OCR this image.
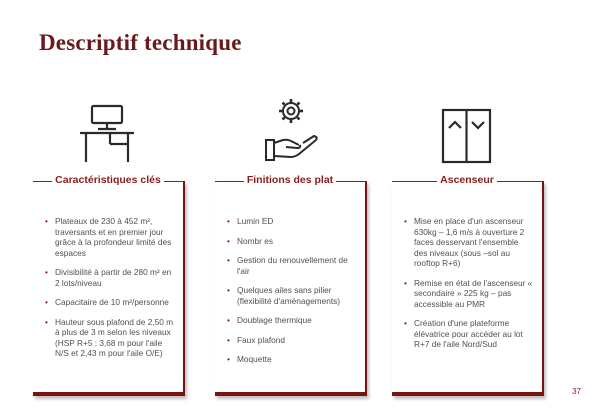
Descriptif technique
Caractéristiques clés
• Plateaux de 230 à 452 m², traversants et en premier jour grâce à la profondeur limité des espaces
• Divisibilité à partir de 280 m² en 2 lots/niveau
• Capacitaire de 10 m²/personne
• Hauteur sous plafond de 2,50 m à plus de 3 m selon les niveaux (HSP R+5 : 3,68 m pour l'aile N/S et 2,43 m pour l'aile O/E)
Finitions des plat
• Lumin ED
• Nombr es
• Gestion du renouvellement de l'air
• Quelques ailes sans pilier (flexibilité d'aménagements)
• Doublage thermique
• Faux plafond
• Moquette
Ascenseur
• Mise en place d'un ascenseur 630kg – 1,6 m/s à ouverture 2 faces desservant l'ensemble des niveaux (sous –sol au rooftop R+6)
• Remise en état de l'ascenseur « secondaire » 225 kg – pas accessible au PMR
• Création d'une plateforme élévatrice pour accéder au lot R+7 de l'aile Nord/Sud
37
